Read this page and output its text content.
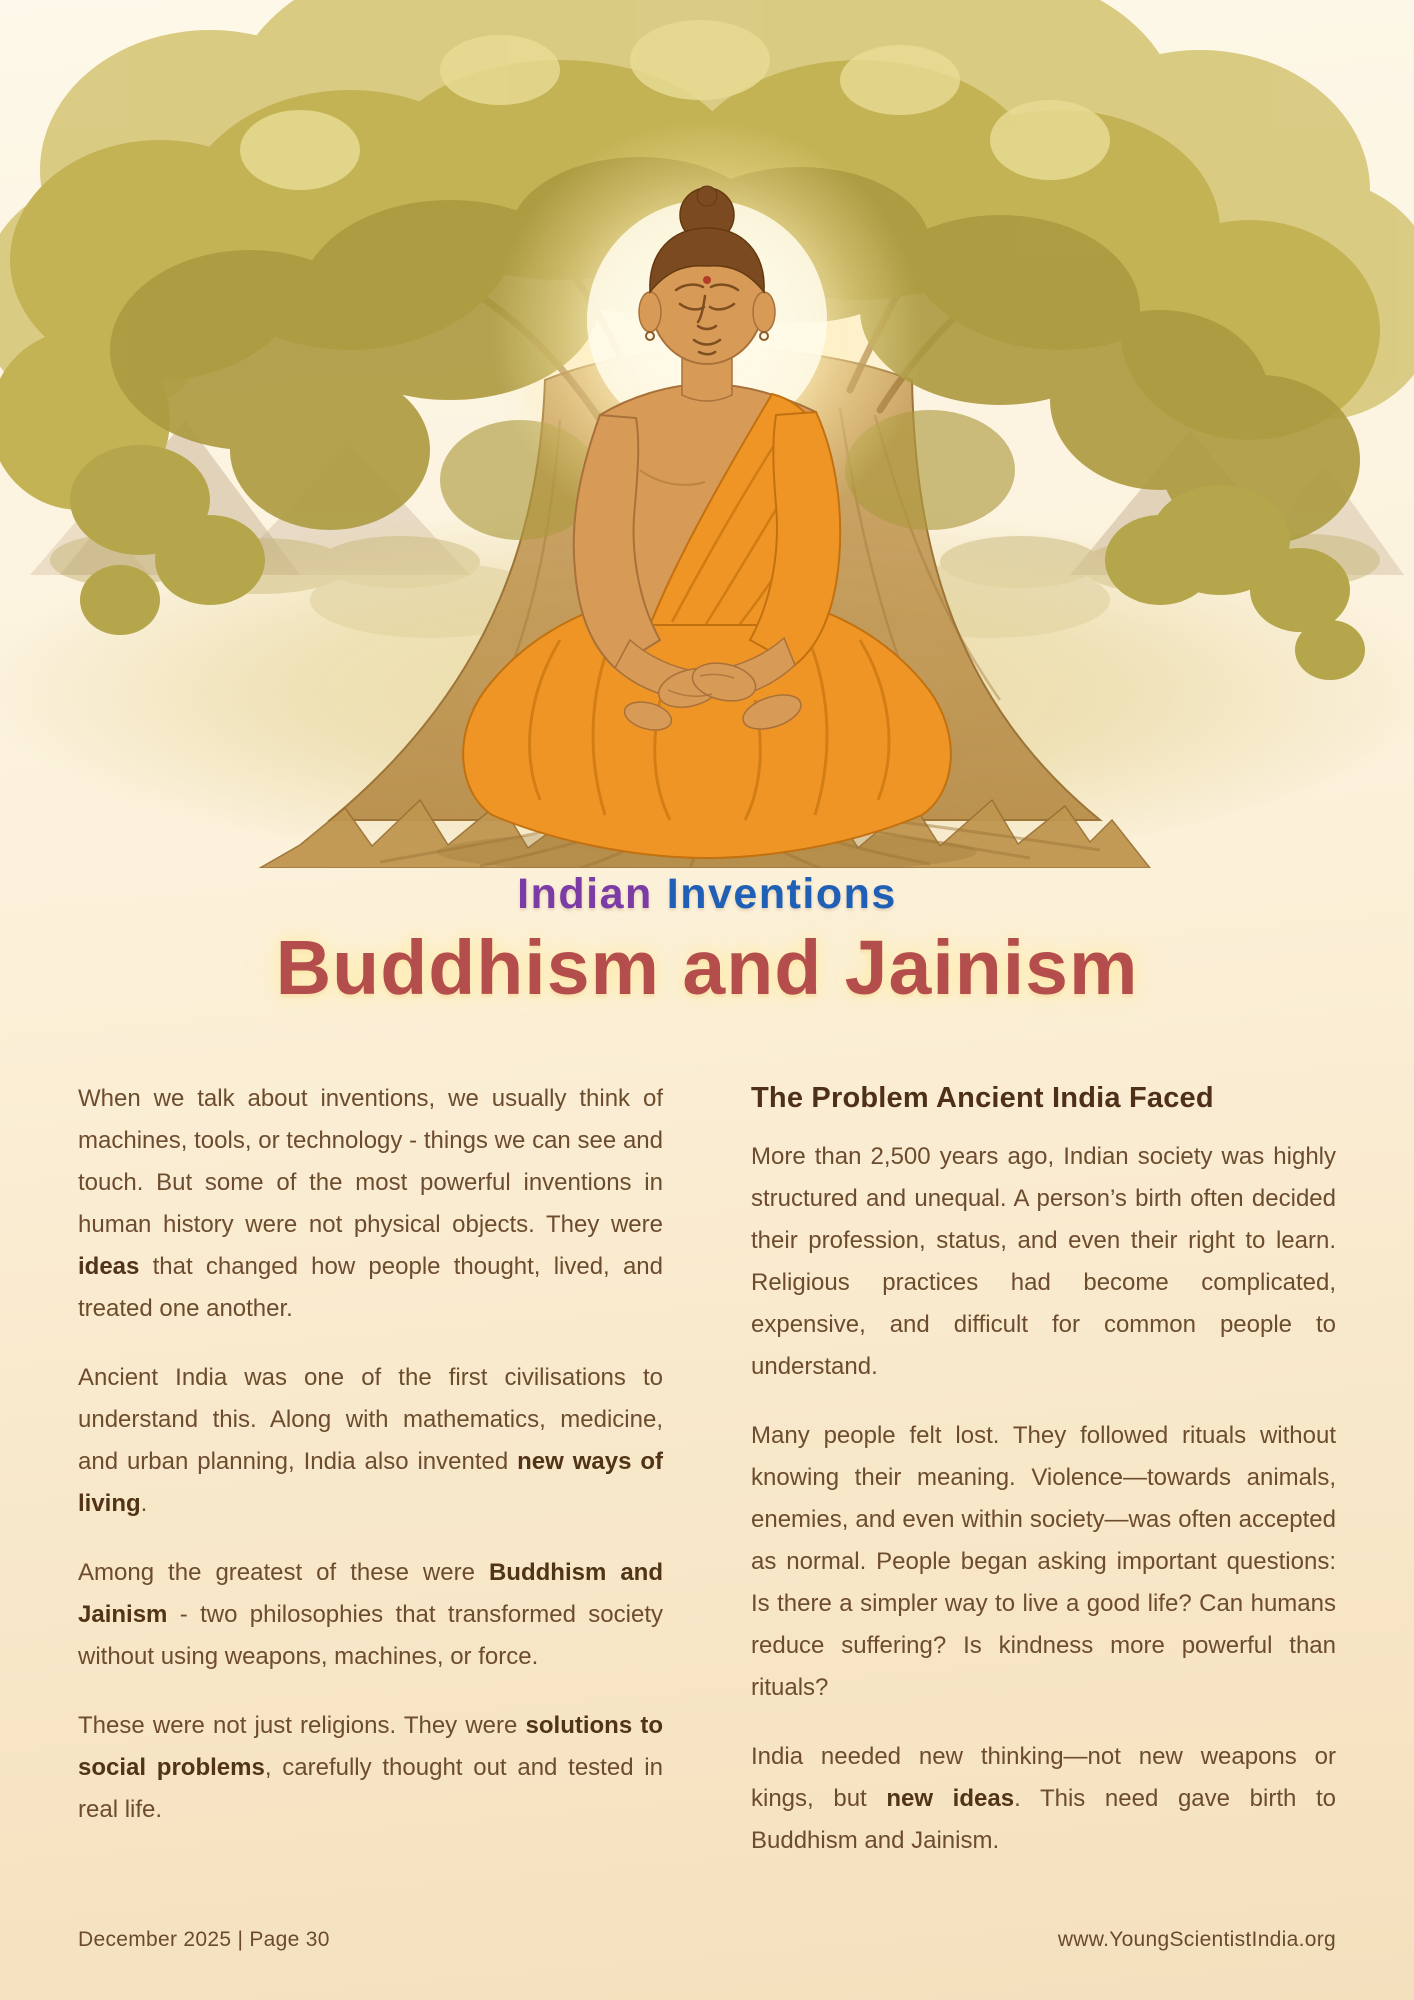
Indian Inventions
Buddhism and Jainism

When we talk about inventions, we usually think of machines, tools, or technology - things we can see and touch. But some of the most powerful inventions in human history were not physical objects. They were ideas that changed how people thought, lived, and treated one another.

Ancient India was one of the first civilisations to understand this. Along with mathematics, medicine, and urban planning, India also invented new ways of living.

Among the greatest of these were Buddhism and Jainism - two philosophies that transformed society without using weapons, machines, or force.

These were not just religions. They were solutions to social problems, carefully thought out and tested in real life.

The Problem Ancient India Faced

More than 2,500 years ago, Indian society was highly structured and unequal. A person’s birth often decided their profession, status, and even their right to learn. Religious practices had become complicated, expensive, and difficult for common people to understand.

Many people felt lost. They followed rituals without knowing their meaning. Violence—towards animals, enemies, and even within society—was often accepted as normal. People began asking important questions: Is there a simpler way to live a good life? Can humans reduce suffering? Is kindness more powerful than rituals?

India needed new thinking—not new weapons or kings, but new ideas. This need gave birth to Buddhism and Jainism.

December 2025 | Page 30	www.YoungScientistIndia.org
